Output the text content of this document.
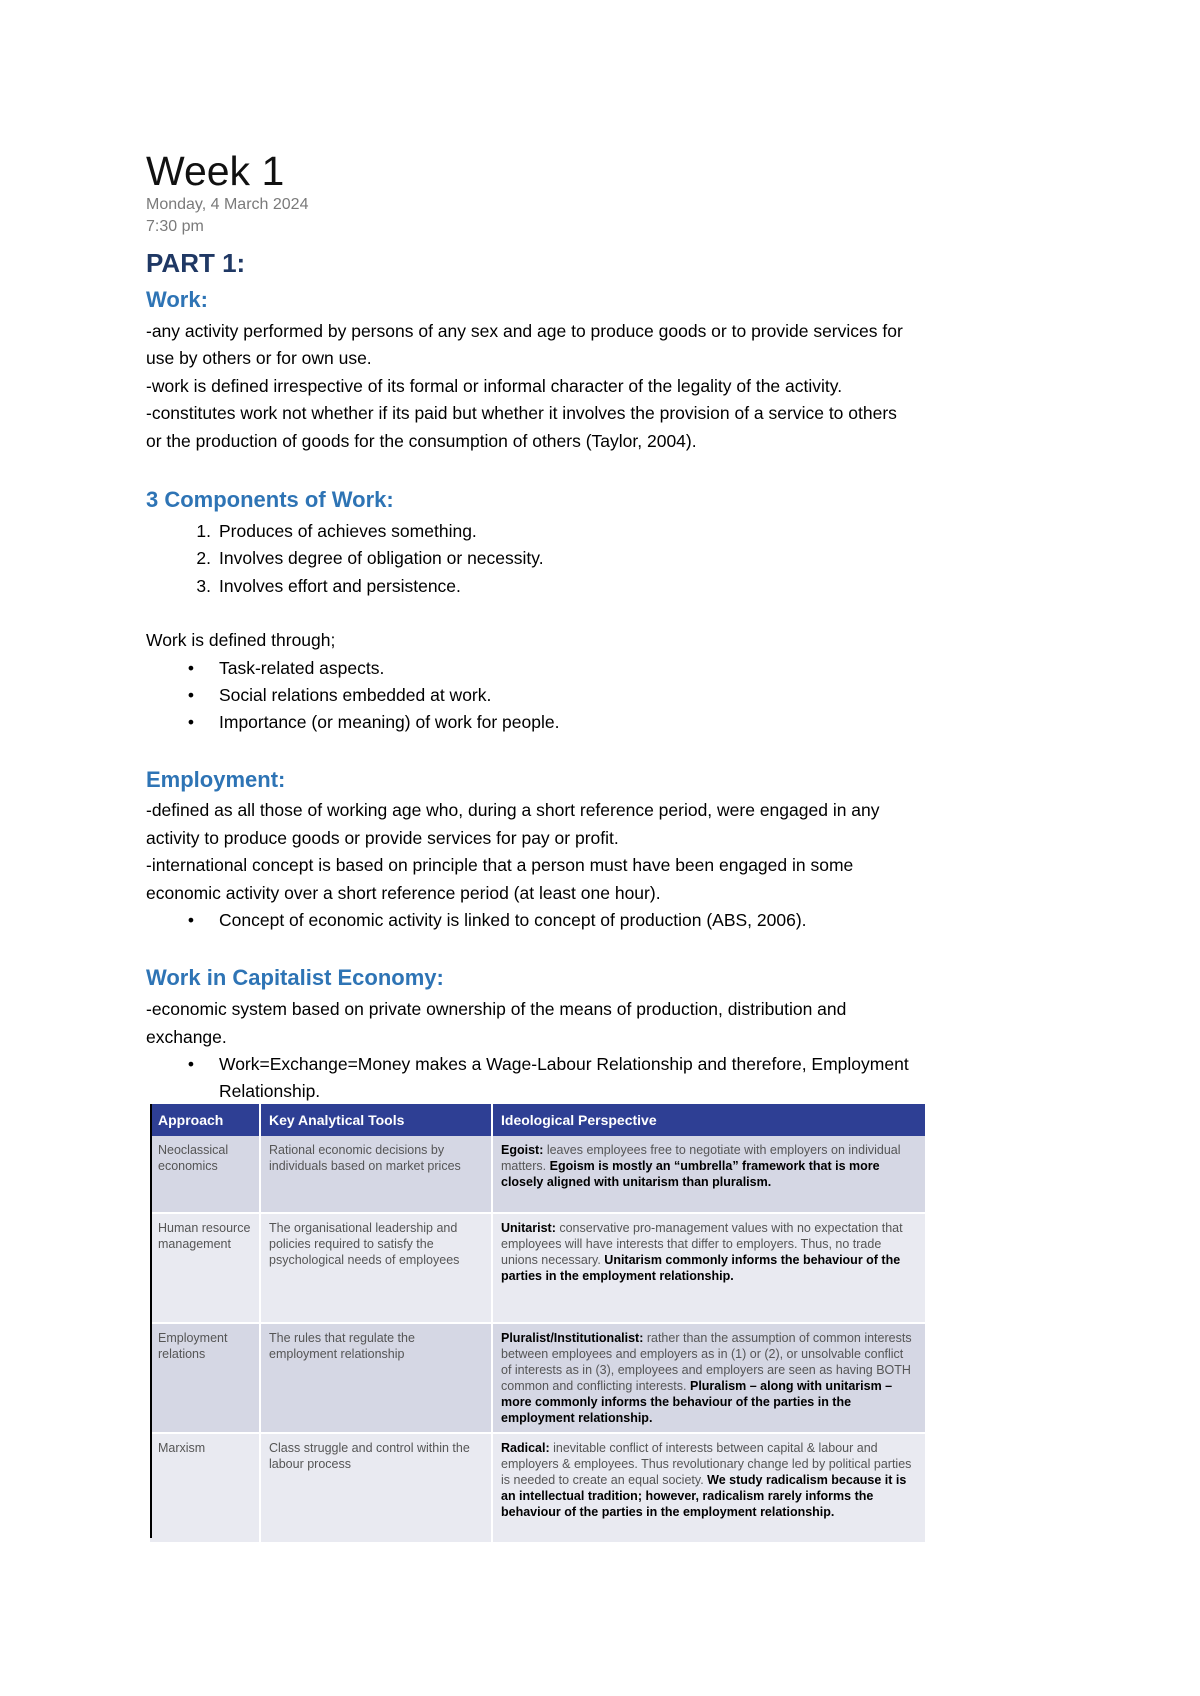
Week 1
Monday, 4 March 2024
7:30 pm
PART 1:
Work:
-any activity performed by persons of any sex and age to produce goods or to provide services for
use by others or for own use.
-work is defined irrespective of its formal or informal character of the legality of the activity.
-constitutes work not whether if its paid but whether it involves the provision of a service to others
or the production of goods for the consumption of others (Taylor, 2004).
3 Components of Work:
1. Produces of achieves something.
2. Involves degree of obligation or necessity.
3. Involves effort and persistence.
Work is defined through;
• Task-related aspects.
• Social relations embedded at work.
• Importance (or meaning) of work for people.
Employment:
-defined as all those of working age who, during a short reference period, were engaged in any
activity to produce goods or provide services for pay or profit.
-international concept is based on principle that a person must have been engaged in some
economic activity over a short reference period (at least one hour).
• Concept of economic activity is linked to concept of production (ABS, 2006).
Work in Capitalist Economy:
-economic system based on private ownership of the means of production, distribution and
exchange.
• Work=Exchange=Money makes a Wage-Labour Relationship and therefore, Employment
Relationship.
Approach	Key Analytical Tools	Ideological Perspective
Neoclassical economics	Rational economic decisions by individuals based on market prices	Egoist: leaves employees free to negotiate with employers on individual matters. Egoism is mostly an “umbrella” framework that is more closely aligned with unitarism than pluralism.
Human resource management	The organisational leadership and policies required to satisfy the psychological needs of employees	Unitarist: conservative pro-management values with no expectation that employees will have interests that differ to employers. Thus, no trade unions necessary. Unitarism commonly informs the behaviour of the parties in the employment relationship.
Employment relations	The rules that regulate the employment relationship	Pluralist/Institutionalist: rather than the assumption of common interests between employees and employers as in (1) or (2), or unsolvable conflict of interests as in (3), employees and employers are seen as having BOTH common and conflicting interests. Pluralism – along with unitarism – more commonly informs the behaviour of the parties in the employment relationship.
Marxism	Class struggle and control within the labour process	Radical: inevitable conflict of interests between capital & labour and employers & employees. Thus revolutionary change led by political parties is needed to create an equal society. We study radicalism because it is an intellectual tradition; however, radicalism rarely informs the behaviour of the parties in the employment relationship.
